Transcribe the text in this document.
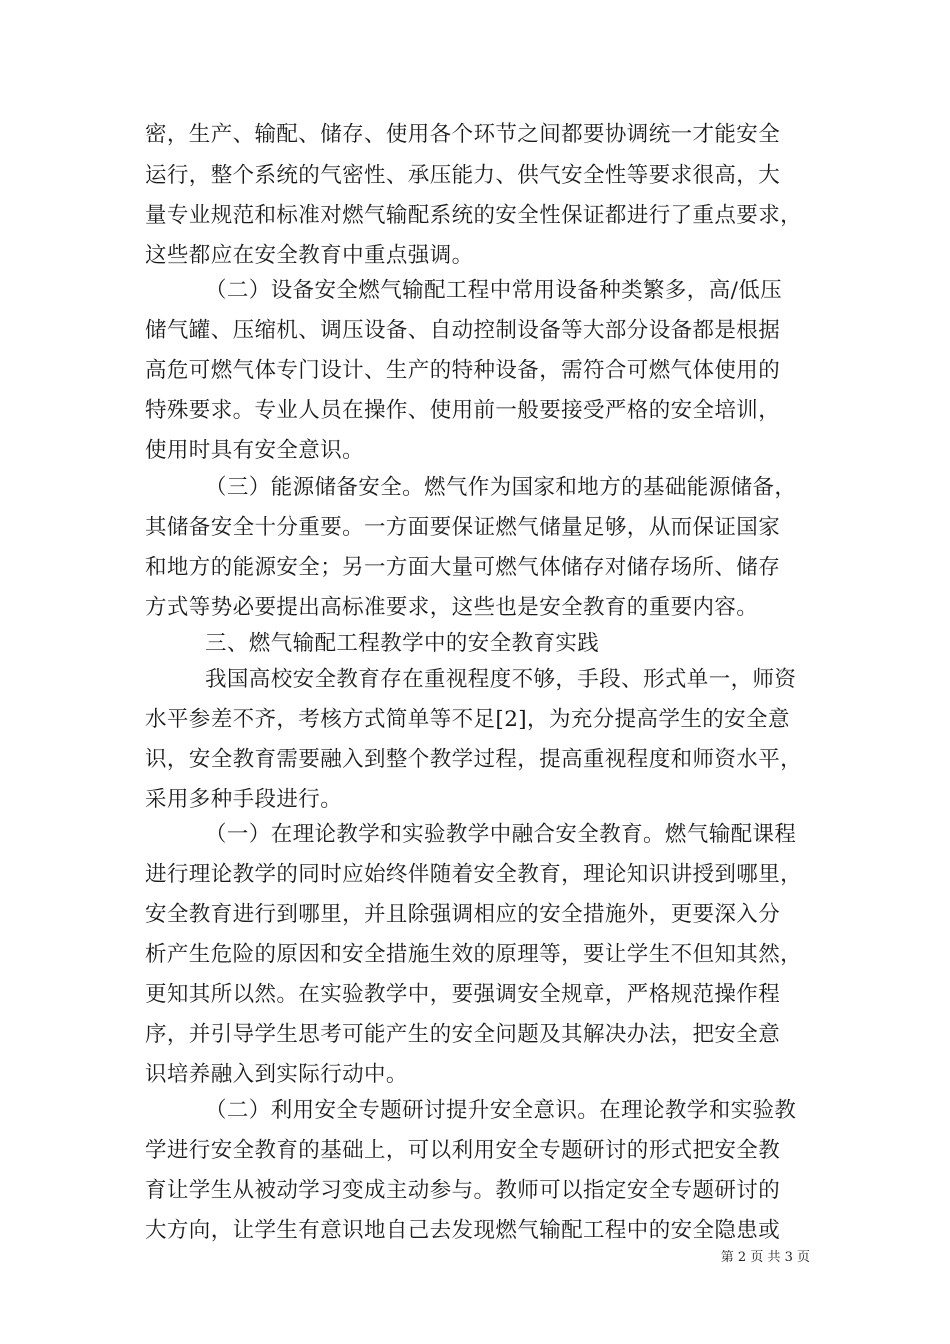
密，生产、输配、储存、使用各个环节之间都要协调统一才能安全
运行，整个系统的气密性、承压能力、供气安全性等要求很高，大
量专业规范和标准对燃气输配系统的安全性保证都进行了重点要求，
这些都应在安全教育中重点强调。
（二）设备安全燃气输配工程中常用设备种类繁多，高/低压
储气罐、压缩机、调压设备、自动控制设备等大部分设备都是根据
高危可燃气体专门设计、生产的特种设备，需符合可燃气体使用的
特殊要求。专业人员在操作、使用前一般要接受严格的安全培训，
使用时具有安全意识。
（三）能源储备安全。燃气作为国家和地方的基础能源储备，
其储备安全十分重要。一方面要保证燃气储量足够，从而保证国家
和地方的能源安全；另一方面大量可燃气体储存对储存场所、储存
方式等势必要提出高标准要求，这些也是安全教育的重要内容。
三、燃气输配工程教学中的安全教育实践
我国高校安全教育存在重视程度不够，手段、形式单一，师资
水平参差不齐，考核方式简单等不足[2]，为充分提高学生的安全意
识，安全教育需要融入到整个教学过程，提高重视程度和师资水平，
采用多种手段进行。
（一）在理论教学和实验教学中融合安全教育。燃气输配课程
进行理论教学的同时应始终伴随着安全教育，理论知识讲授到哪里，
安全教育进行到哪里，并且除强调相应的安全措施外，更要深入分
析产生危险的原因和安全措施生效的原理等，要让学生不但知其然，
更知其所以然。在实验教学中，要强调安全规章，严格规范操作程
序，并引导学生思考可能产生的安全问题及其解决办法，把安全意
识培养融入到实际行动中。
（二）利用安全专题研讨提升安全意识。在理论教学和实验教
学进行安全教育的基础上，可以利用安全专题研讨的形式把安全教
育让学生从被动学习变成主动参与。教师可以指定安全专题研讨的
大方向，让学生有意识地自己去发现燃气输配工程中的安全隐患或
第 2 页 共 3 页
